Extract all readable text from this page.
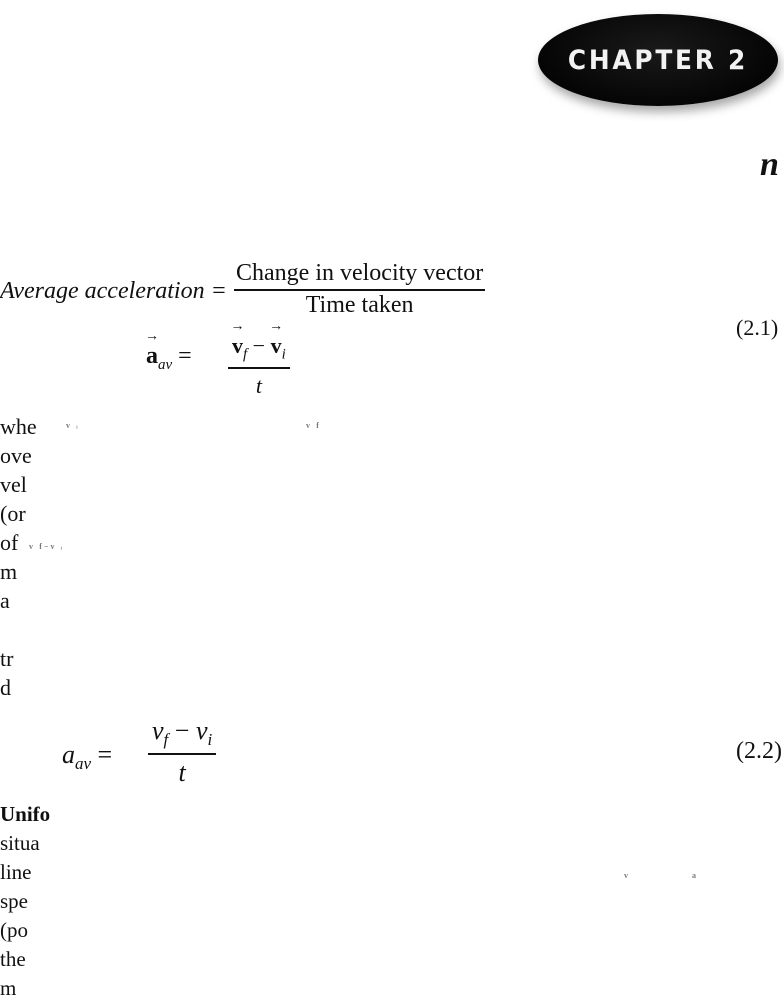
CHAPTER 2
n
Average acceleration =
Change in velocity vector
Time taken
(2.1)
→ $a_{av}$ = → $v_f$ − → $v_i$
t
whe
ove
vel
(or
of
m
a
tr
d
v⃗ᵢ	v⃗f
v⃗f − v⃗ᵢ
$a_{av}$ =
$v_f - v_i$
t
(2.2)
Unifo
situa
line
spe
(po
the
m
v⃗	a⃗
